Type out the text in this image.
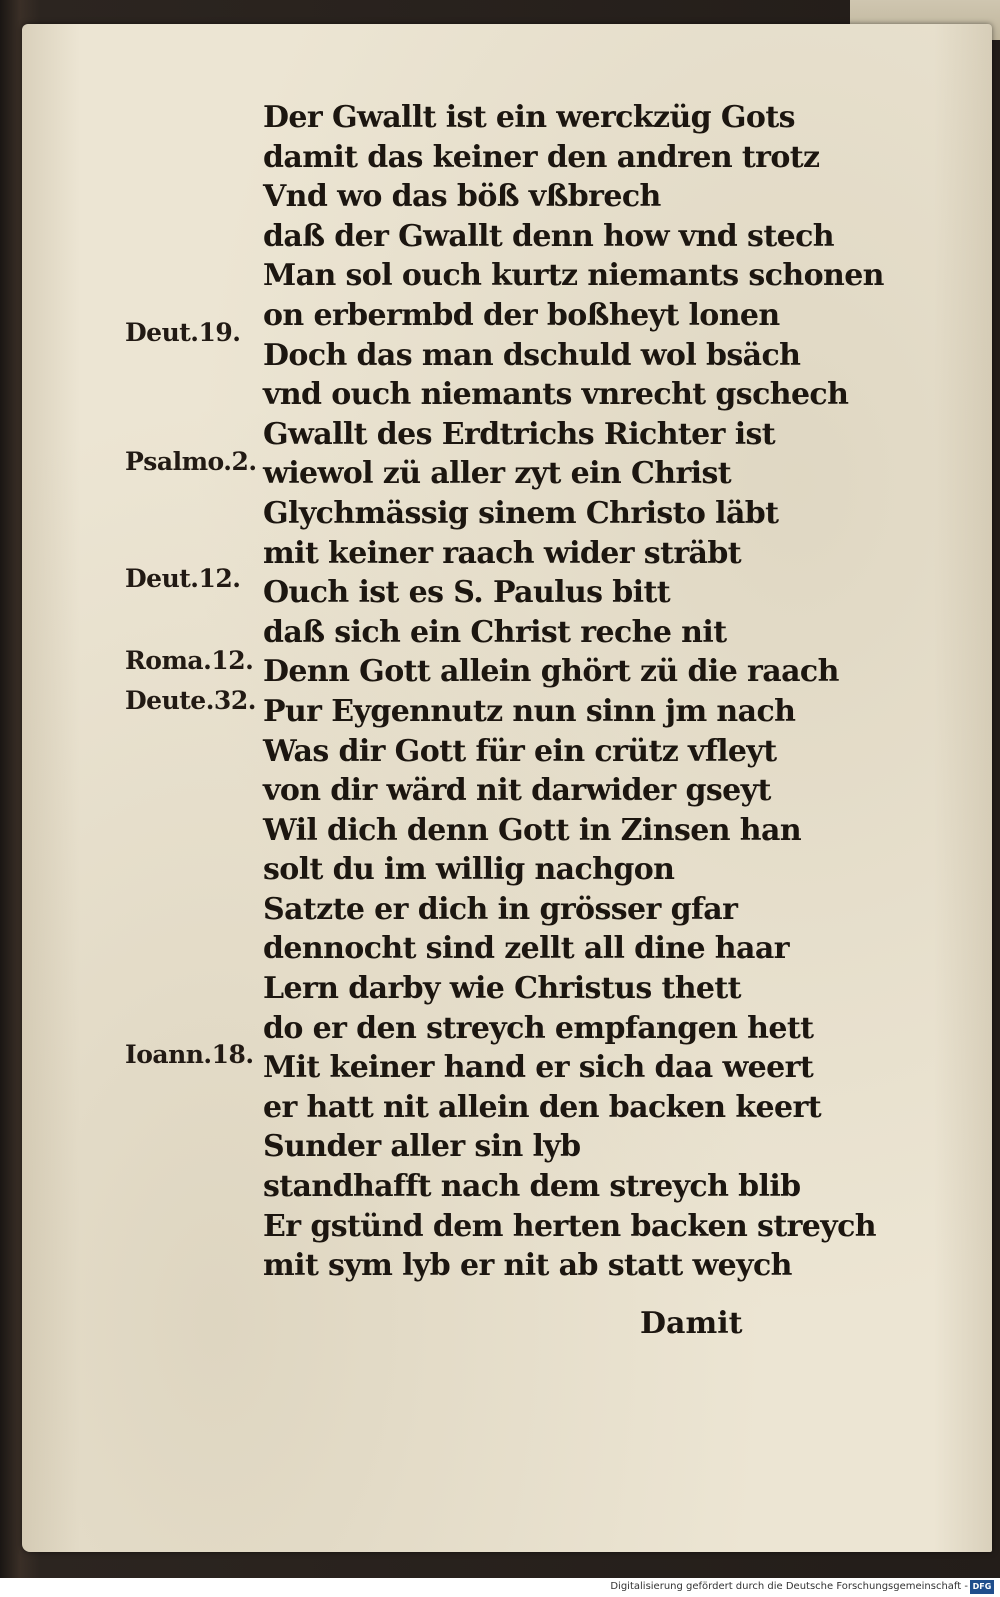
Der Gwallt ist ein werckzüg Gots
damit das keiner den andren trotz
Vnd wo das böß vßbrech
daß der Gwallt denn how vnd stech
Man sol ouch kurtz niemants schonen
on erbermbd der boßheyt lonen
Doch das man dschuld wol bsäch
vnd ouch niemants vnrecht gschech
Gwallt des Erdtrichs Richter ist
wiewol zü aller zyt ein Christ
Glychmässig sinem Christo läbt
mit keiner raach wider sträbt
Ouch ist es S. Paulus bitt
daß sich ein Christ reche nit
Denn Gott allein ghört zü die raach
Pur Eygennutz nun sinn jm nach
Was dir Gott für ein crütz vfleyt
von dir wärd nit darwider gseyt
Wil dich denn Gott in Zinsen han
solt du im willig nachgon
Satzte er dich in grösser gfar
dennocht sind zellt all dine haar
Lern darby wie Christus thett
do er den streych empfangen hett
Mit keiner hand er sich daa weert
er hatt nit allein den backen keert
Sunder aller sin lyb
standhafft nach dem streych blib
Er gstünd dem herten backen streych
mit sym lyb er nit ab statt weych
Deut.19.
Psalmo.2.
Deut.12.
Roma.12.
Deute.32.
Ioann.18.
Damit
Digitalisierung gefördert durch die Deutsche Forschungsgemeinschaft - DFG
